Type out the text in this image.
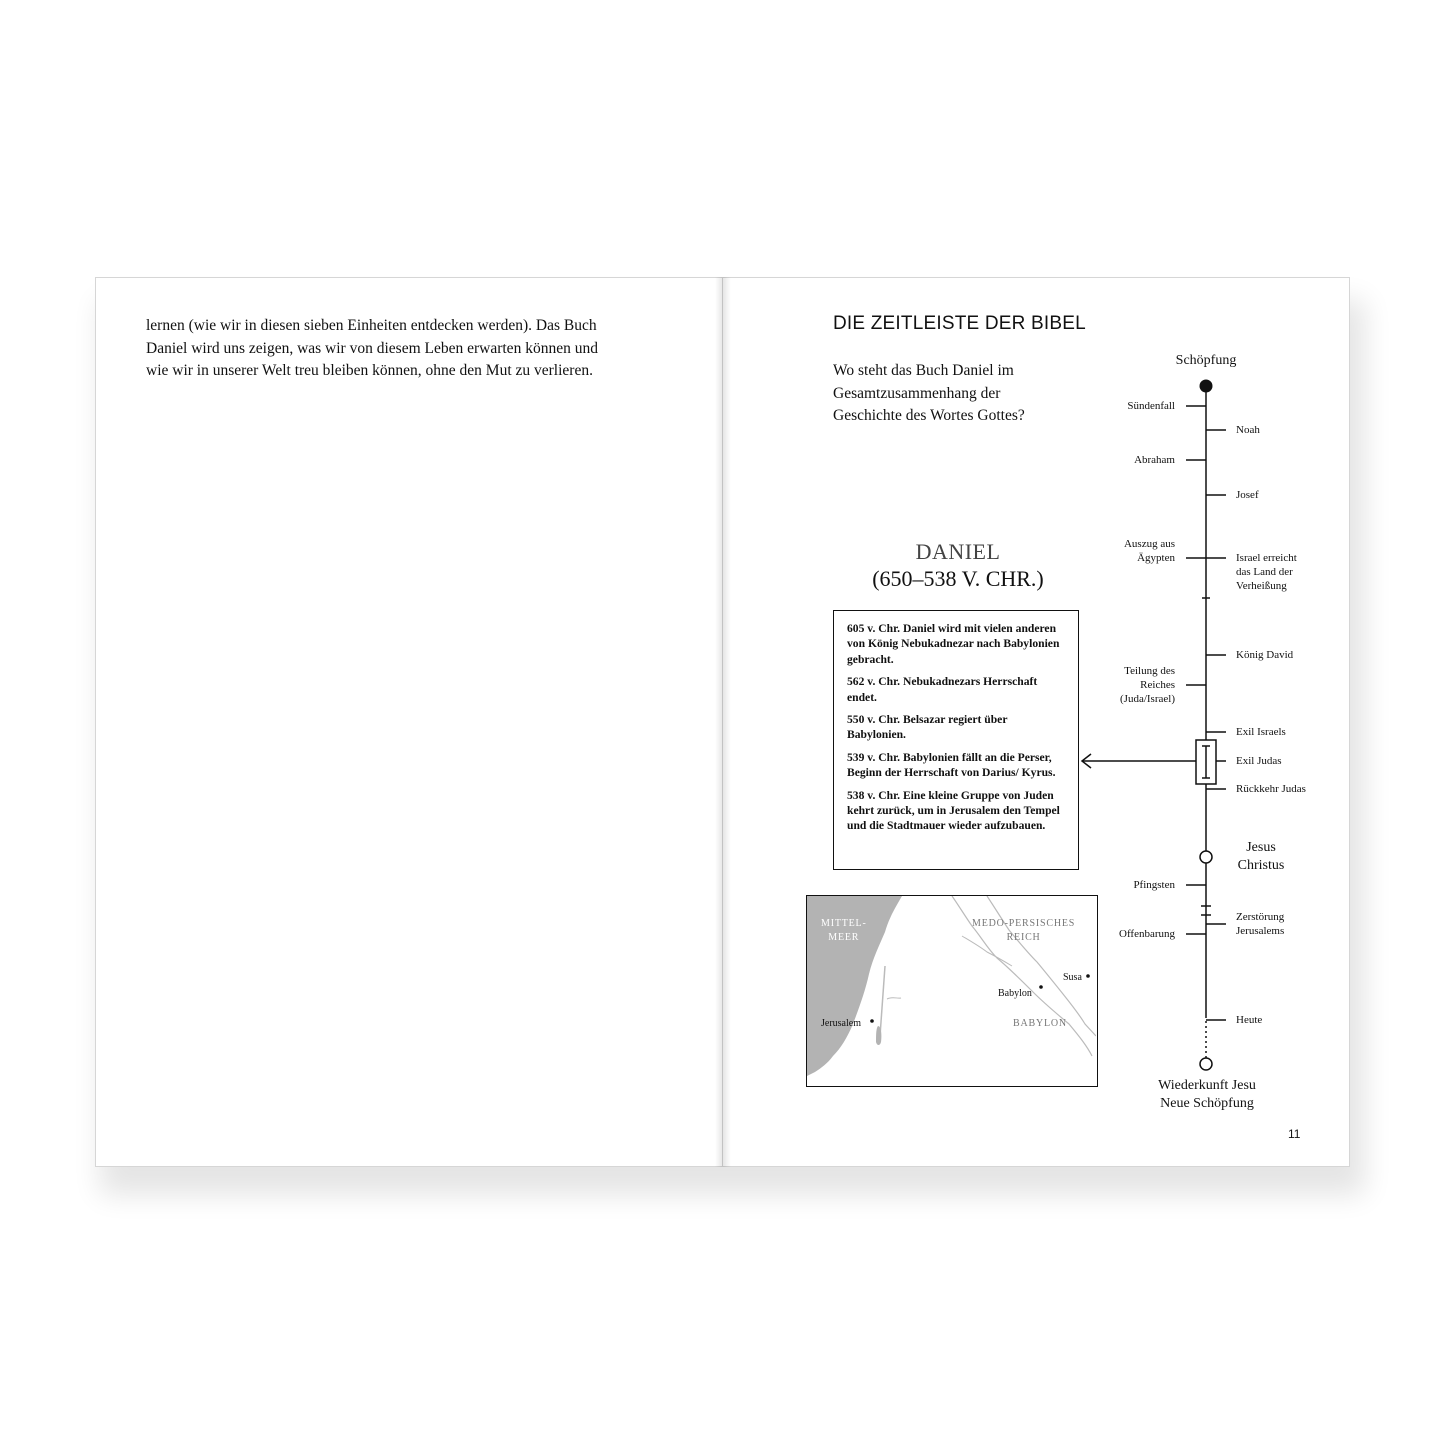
lernen (wie wir in diesen sieben Einheiten entdecken werden). Das Buch Daniel wird uns zeigen, was wir von diesem Leben erwarten können und wie wir in unserer Welt treu bleiben können, ohne den Mut zu verlieren.

DIE ZEITLEISTE DER BIBEL

Wo steht das Buch Daniel im Gesamtzusammenhang der Geschichte des Wortes Gottes?

DANIEL
(650–538 V. CHR.)

605 v. Chr. Daniel wird mit vielen anderen von König Nebukadnezar nach Babylonien gebracht.

562 v. Chr. Nebukadnezars Herrschaft endet.

550 v. Chr. Belsazar regiert über Babylonien.

539 v. Chr. Babylonien fällt an die Perser, Beginn der Herrschaft von Darius/ Kyrus.

538 v. Chr. Eine kleine Gruppe von Juden kehrt zurück, um in Jerusalem den Tempel und die Stadtmauer wieder aufzubauen.

MITTEL-
MEER
MEDO-PERSISCHES
REICH
BABYLON
Jerusalem
Babylon
Susa
Schöpfung
Sündenfall
Abraham
Auszug aus
Ägypten
Teilung des
Reiches
(Juda/Israel)
Pfingsten
Offenbarung
Noah
Josef
Israel erreicht
das Land der
Verheißung
König David
Exil Israels
Exil Judas
Rückkehr Judas
Zerstörung
Jerusalems
Heute
Jesus
Christus
Wiederkunft Jesu
Neue Schöpfung
11
